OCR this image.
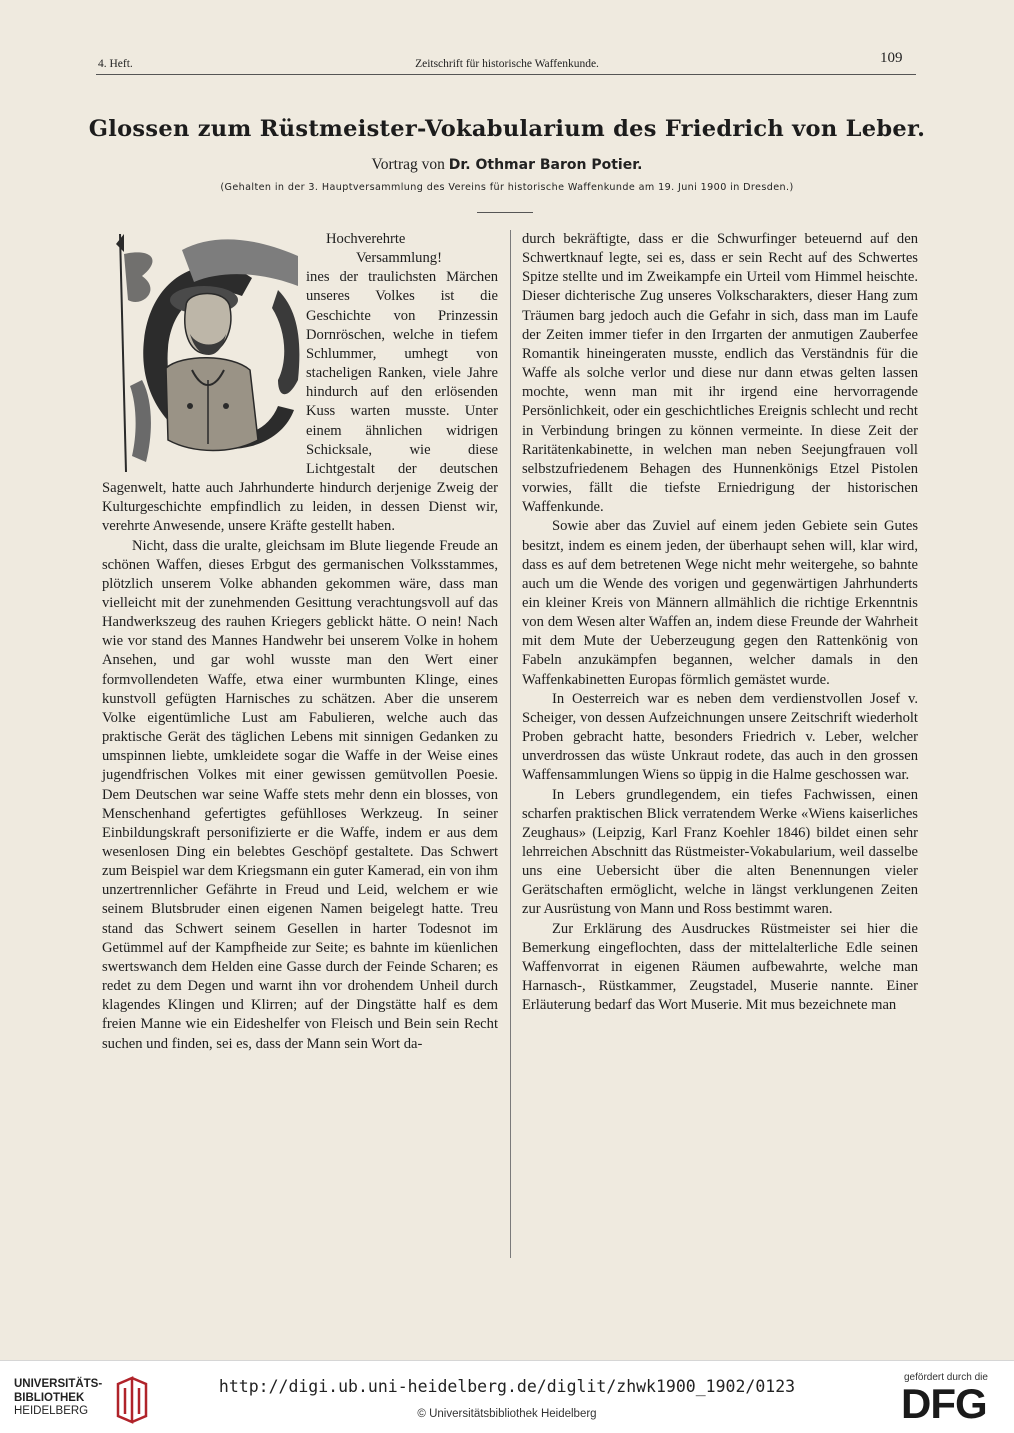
4. Heft.	Zeitschrift für historische Waffenkunde.	109
Glossen zum Rüstmeister-Vokabularium des Friedrich von Leber.
Vortrag von Dr. Othmar Baron Potier.
(Gehalten in der 3. Hauptversammlung des Vereins für historische Waffenkunde am 19. Juni 1900 in Dresden.)

Hochverehrte

Versammlung!

ines der traulichsten Märchen unseres Volkes ist die Geschichte von Prinzessin Dornröschen, welche in tiefem Schlummer, umhegt von stacheligen Ranken, viele Jahre hindurch auf den erlösenden Kuss warten musste. Unter einem ähnlichen widrigen Schicksale, wie diese Lichtgestalt der deutschen Sagenwelt, hatte auch Jahrhunderte hindurch derjenige Zweig der Kulturgeschichte empfindlich zu leiden, in dessen Dienst wir, verehrte Anwesende, unsere Kräfte gestellt haben.

Nicht, dass die uralte, gleichsam im Blute liegende Freude an schönen Waffen, dieses Erbgut des germanischen Volksstammes, plötzlich unserem Volke abhanden gekommen wäre, dass man vielleicht mit der zunehmenden Gesittung verachtungsvoll auf das Handwerkszeug des rauhen Kriegers geblickt hätte. O nein! Nach wie vor stand des Mannes Handwehr bei unserem Volke in hohem Ansehen, und gar wohl wusste man den Wert einer formvollendeten Waffe, etwa einer wurmbunten Klinge, eines kunstvoll gefügten Harnisches zu schätzen. Aber die unserem Volke eigentümliche Lust am Fabulieren, welche auch das praktische Gerät des täglichen Lebens mit sinnigen Gedanken zu umspinnen liebte, umkleidete sogar die Waffe in der Weise eines jugendfrischen Volkes mit einer gewissen gemütvollen Poesie. Dem Deutschen war seine Waffe stets mehr denn ein blosses, von Menschenhand gefertigtes gefühlloses Werkzeug. In seiner Einbildungskraft personifizierte er die Waffe, indem er aus dem wesenlosen Ding ein belebtes Geschöpf gestaltete. Das Schwert zum Beispiel war dem Kriegsmann ein guter Kamerad, ein von ihm unzertrennlicher Gefährte in Freud und Leid, welchem er wie seinem Blutsbruder einen eigenen Namen beigelegt hatte. Treu stand das Schwert seinem Gesellen in harter Todesnot im Getümmel auf der Kampfheide zur Seite; es bahnte im küenlichen swertswanch dem Helden eine Gasse durch der Feinde Scharen; es redet zu dem Degen und warnt ihn vor drohendem Unheil durch klagendes Klingen und Klirren; auf der Dingstätte half es dem freien Manne wie ein Eideshelfer von Fleisch und Bein sein Recht suchen und finden, sei es, dass der Mann sein Wort da-

durch bekräftigte, dass er die Schwurfinger beteuernd auf den Schwertknauf legte, sei es, dass er sein Recht auf des Schwertes Spitze stellte und im Zweikampfe ein Urteil vom Himmel heischte. Dieser dichterische Zug unseres Volkscharakters, dieser Hang zum Träumen barg jedoch auch die Gefahr in sich, dass man im Laufe der Zeiten immer tiefer in den Irrgarten der anmutigen Zauberfee Romantik hineingeraten musste, endlich das Verständnis für die Waffe als solche verlor und diese nur dann etwas gelten lassen mochte, wenn man mit ihr irgend eine hervorragende Persönlichkeit, oder ein geschichtliches Ereignis schlecht und recht in Verbindung bringen zu können vermeinte. In diese Zeit der Raritätenkabinette, in welchen man neben Seejungfrauen voll selbstzufriedenem Behagen des Hunnenkönigs Etzel Pistolen vorwies, fällt die tiefste Erniedrigung der historischen Waffenkunde.

Sowie aber das Zuviel auf einem jeden Gebiete sein Gutes besitzt, indem es einem jeden, der überhaupt sehen will, klar wird, dass es auf dem betretenen Wege nicht mehr weitergehe, so bahnte auch um die Wende des vorigen und gegenwärtigen Jahrhunderts ein kleiner Kreis von Männern allmählich die richtige Erkenntnis von dem Wesen alter Waffen an, indem diese Freunde der Wahrheit mit dem Mute der Ueberzeugung gegen den Rattenkönig von Fabeln anzukämpfen begannen, welcher damals in den Waffenkabinetten Europas förmlich gemästet wurde.

In Oesterreich war es neben dem verdienstvollen Josef v. Scheiger, von dessen Aufzeichnungen unsere Zeitschrift wiederholt Proben gebracht hatte, besonders Friedrich v. Leber, welcher unverdrossen das wüste Unkraut rodete, das auch in den grossen Waffensammlungen Wiens so üppig in die Halme geschossen war.

In Lebers grundlegendem, ein tiefes Fachwissen, einen scharfen praktischen Blick verratendem Werke «Wiens kaiserliches Zeughaus» (Leipzig, Karl Franz Koehler 1846) bildet einen sehr lehrreichen Abschnitt das Rüstmeister-Vokabularium, weil dasselbe uns eine Uebersicht über die alten Benennungen vieler Gerätschaften ermöglicht, welche in längst verklungenen Zeiten zur Ausrüstung von Mann und Ross bestimmt waren.

Zur Erklärung des Ausdruckes Rüstmeister sei hier die Bemerkung eingeflochten, dass der mittelalterliche Edle seinen Waffenvorrat in eigenen Räumen aufbewahrte, welche man Harnasch-, Rüstkammer, Zeugstadel, Muserie nannte. Einer Erläuterung bedarf das Wort Muserie. Mit mus bezeichnete man

UNIVERSITÄTS-
BIBLIOTHEK
HEIDELBERG
http://digi.ub.uni-heidelberg.de/diglit/zhwk1900_1902/0123
© Universitätsbibliothek Heidelberg
gefördert durch die
DFG
